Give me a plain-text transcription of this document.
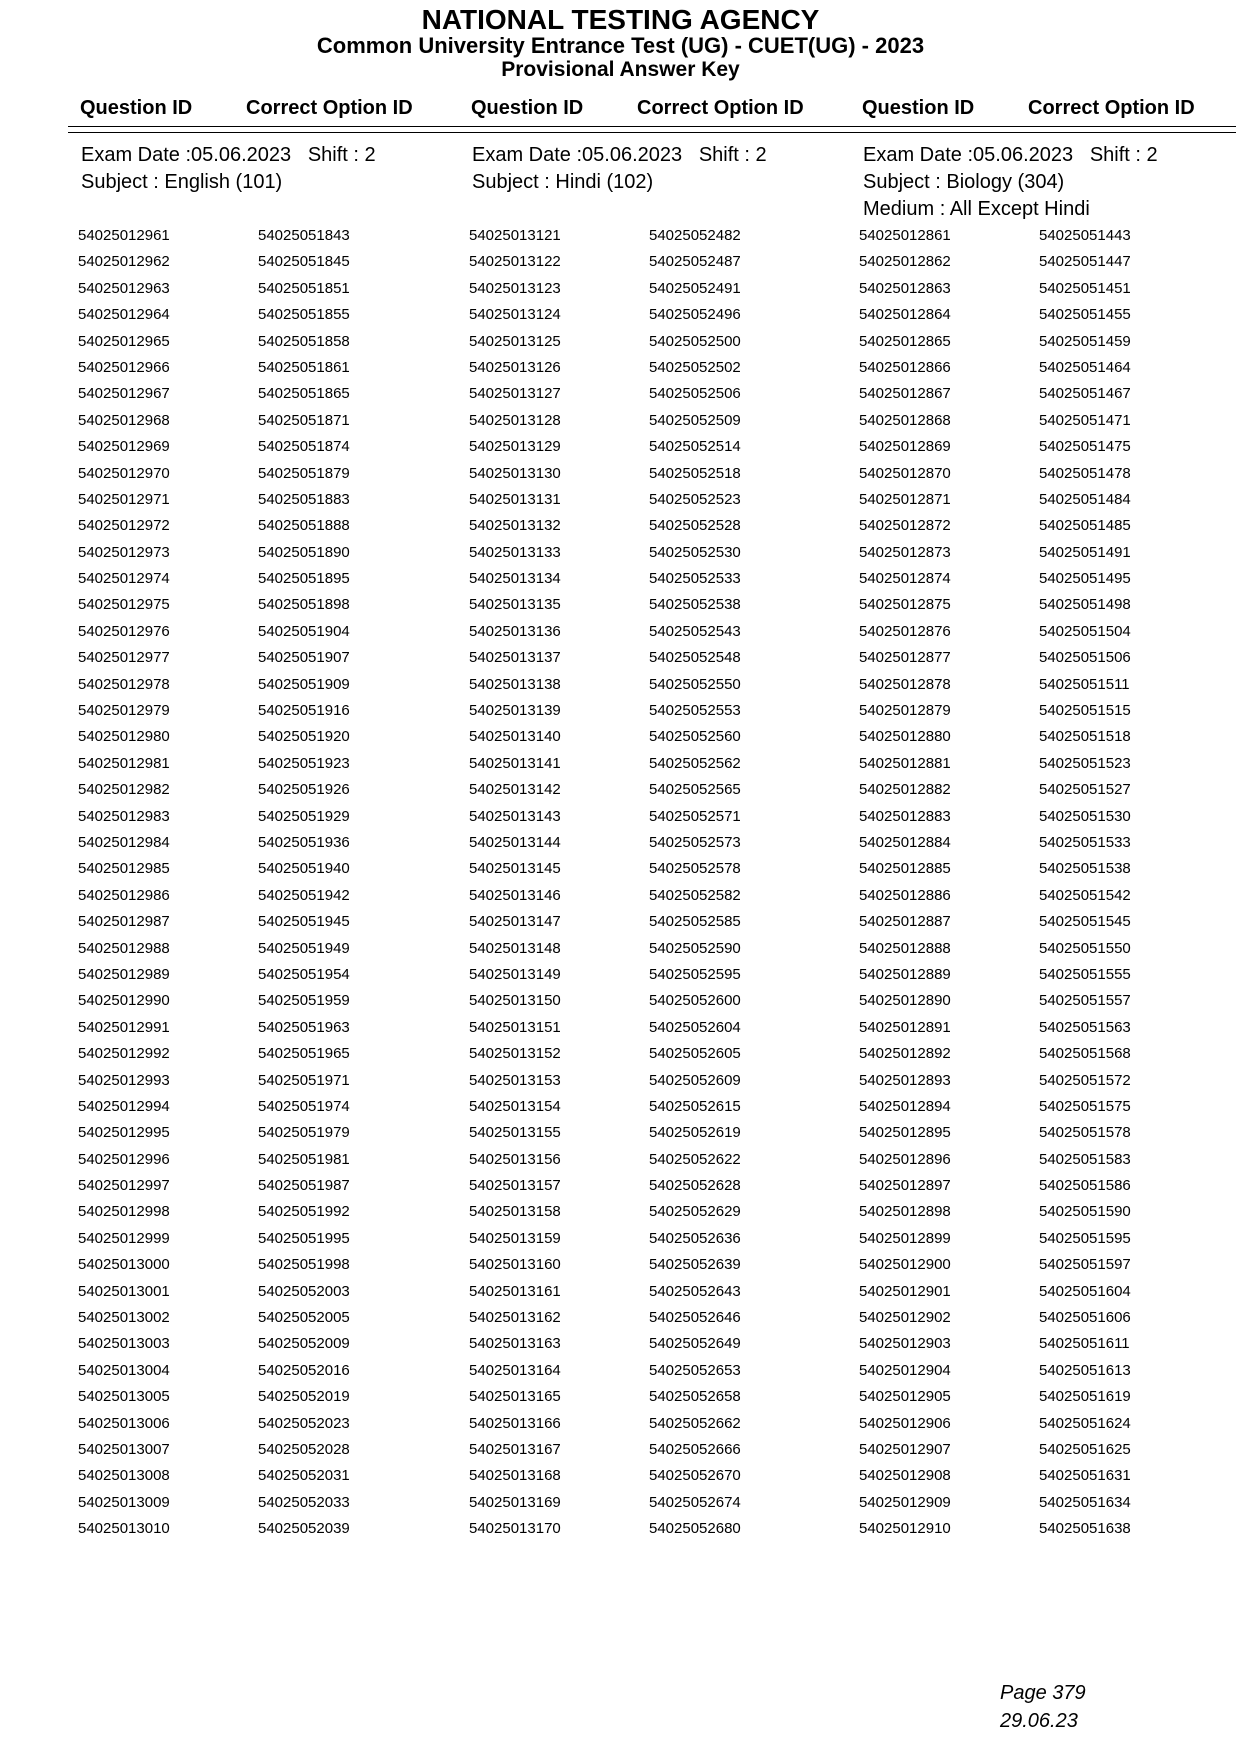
NATIONAL TESTING AGENCY
Common University Entrance Test (UG) - CUET(UG) - 2023
Provisional Answer Key
Question ID	Correct Option ID	Question ID	Correct Option ID	Question ID	Correct Option ID
Exam Date :05.06.2023 Shift : 2
Subject : English (101)
54025012961	54025051843
54025012962	54025051845
54025012963	54025051851
54025012964	54025051855
54025012965	54025051858
54025012966	54025051861
54025012967	54025051865
54025012968	54025051871
54025012969	54025051874
54025012970	54025051879
54025012971	54025051883
54025012972	54025051888
54025012973	54025051890
54025012974	54025051895
54025012975	54025051898
54025012976	54025051904
54025012977	54025051907
54025012978	54025051909
54025012979	54025051916
54025012980	54025051920
54025012981	54025051923
54025012982	54025051926
54025012983	54025051929
54025012984	54025051936
54025012985	54025051940
54025012986	54025051942
54025012987	54025051945
54025012988	54025051949
54025012989	54025051954
54025012990	54025051959
54025012991	54025051963
54025012992	54025051965
54025012993	54025051971
54025012994	54025051974
54025012995	54025051979
54025012996	54025051981
54025012997	54025051987
54025012998	54025051992
54025012999	54025051995
54025013000	54025051998
54025013001	54025052003
54025013002	54025052005
54025013003	54025052009
54025013004	54025052016
54025013005	54025052019
54025013006	54025052023
54025013007	54025052028
54025013008	54025052031
54025013009	54025052033
54025013010	54025052039
Exam Date :05.06.2023 Shift : 2
Subject : Hindi (102)
54025013121	54025052482
54025013122	54025052487
54025013123	54025052491
54025013124	54025052496
54025013125	54025052500
54025013126	54025052502
54025013127	54025052506
54025013128	54025052509
54025013129	54025052514
54025013130	54025052518
54025013131	54025052523
54025013132	54025052528
54025013133	54025052530
54025013134	54025052533
54025013135	54025052538
54025013136	54025052543
54025013137	54025052548
54025013138	54025052550
54025013139	54025052553
54025013140	54025052560
54025013141	54025052562
54025013142	54025052565
54025013143	54025052571
54025013144	54025052573
54025013145	54025052578
54025013146	54025052582
54025013147	54025052585
54025013148	54025052590
54025013149	54025052595
54025013150	54025052600
54025013151	54025052604
54025013152	54025052605
54025013153	54025052609
54025013154	54025052615
54025013155	54025052619
54025013156	54025052622
54025013157	54025052628
54025013158	54025052629
54025013159	54025052636
54025013160	54025052639
54025013161	54025052643
54025013162	54025052646
54025013163	54025052649
54025013164	54025052653
54025013165	54025052658
54025013166	54025052662
54025013167	54025052666
54025013168	54025052670
54025013169	54025052674
54025013170	54025052680
Exam Date :05.06.2023 Shift : 2
Subject : Biology (304)
Medium : All Except Hindi
54025012861	54025051443
54025012862	54025051447
54025012863	54025051451
54025012864	54025051455
54025012865	54025051459
54025012866	54025051464
54025012867	54025051467
54025012868	54025051471
54025012869	54025051475
54025012870	54025051478
54025012871	54025051484
54025012872	54025051485
54025012873	54025051491
54025012874	54025051495
54025012875	54025051498
54025012876	54025051504
54025012877	54025051506
54025012878	54025051511
54025012879	54025051515
54025012880	54025051518
54025012881	54025051523
54025012882	54025051527
54025012883	54025051530
54025012884	54025051533
54025012885	54025051538
54025012886	54025051542
54025012887	54025051545
54025012888	54025051550
54025012889	54025051555
54025012890	54025051557
54025012891	54025051563
54025012892	54025051568
54025012893	54025051572
54025012894	54025051575
54025012895	54025051578
54025012896	54025051583
54025012897	54025051586
54025012898	54025051590
54025012899	54025051595
54025012900	54025051597
54025012901	54025051604
54025012902	54025051606
54025012903	54025051611
54025012904	54025051613
54025012905	54025051619
54025012906	54025051624
54025012907	54025051625
54025012908	54025051631
54025012909	54025051634
54025012910	54025051638
Page 379
29.06.23
